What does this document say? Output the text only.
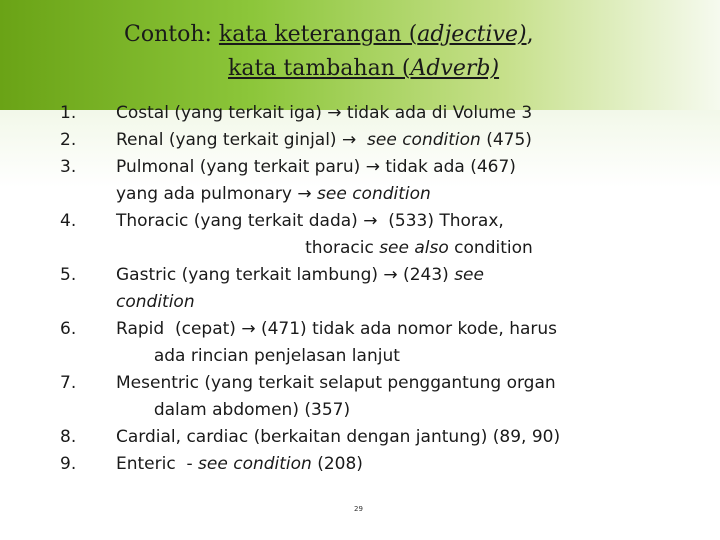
Contoh: kata keterangan (adjective),
kata tambahan (Adverb)
1. Costal (yang terkait iga) → tidak ada di Volume 3
2. Renal (yang terkait ginjal) → see condition (475)
3. Pulmonal (yang terkait paru) → tidak ada (467)
yang ada pulmonary → see condition
4. Thoracic (yang terkait dada) →  (533) Thorax,
thoracic see also condition
5. Gastric (yang terkait lambung) → (243) see
condition
6. Rapid  (cepat) → (471) tidak ada nomor kode, harus
ada rincian penjelasan lanjut
7. Mesentric (yang terkait selaput penggantung organ
dalam abdomen) (357)
8. Cardial, cardiac (berkaitan dengan jantung) (89, 90)
9. Enteric  - see condition (208)
29
